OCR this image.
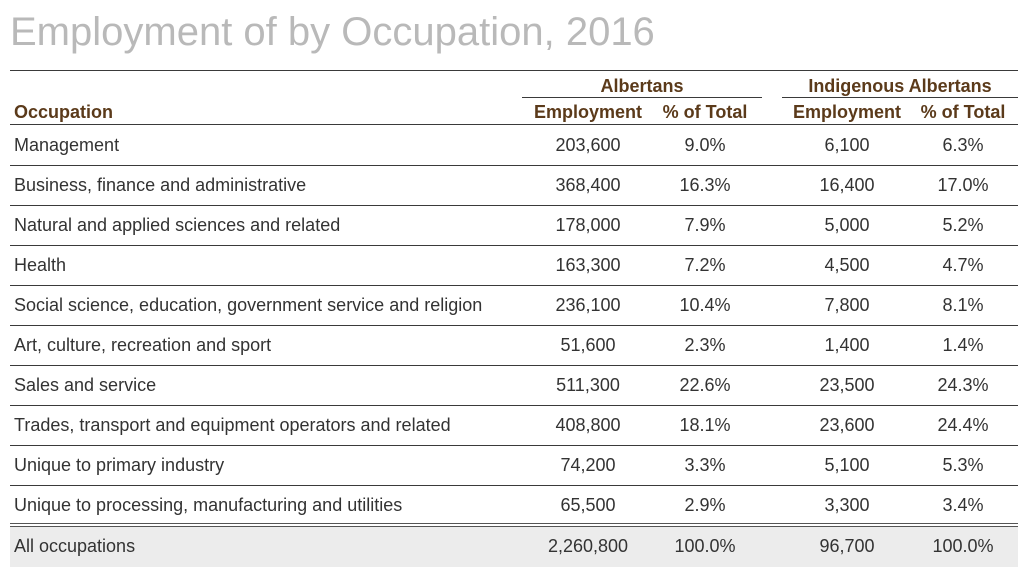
Employment of by Occupation, 2016
Albertans	Indigenous Albertans
Occupation	Employment	% of Total	Employment	% of Total
Management	203,600	9.0%	6,100	6.3%
Business, finance and administrative	368,400	16.3%	16,400	17.0%
Natural and applied sciences and related	178,000	7.9%	5,000	5.2%
Health	163,300	7.2%	4,500	4.7%
Social science, education, government service and religion	236,100	10.4%	7,800	8.1%
Art, culture, recreation and sport	51,600	2.3%	1,400	1.4%
Sales and service	511,300	22.6%	23,500	24.3%
Trades, transport and equipment operators and related	408,800	18.1%	23,600	24.4%
Unique to primary industry	74,200	3.3%	5,100	5.3%
Unique to processing, manufacturing and utilities	65,500	2.9%	3,300	3.4%
All occupations	2,260,800	100.0%	96,700	100.0%
